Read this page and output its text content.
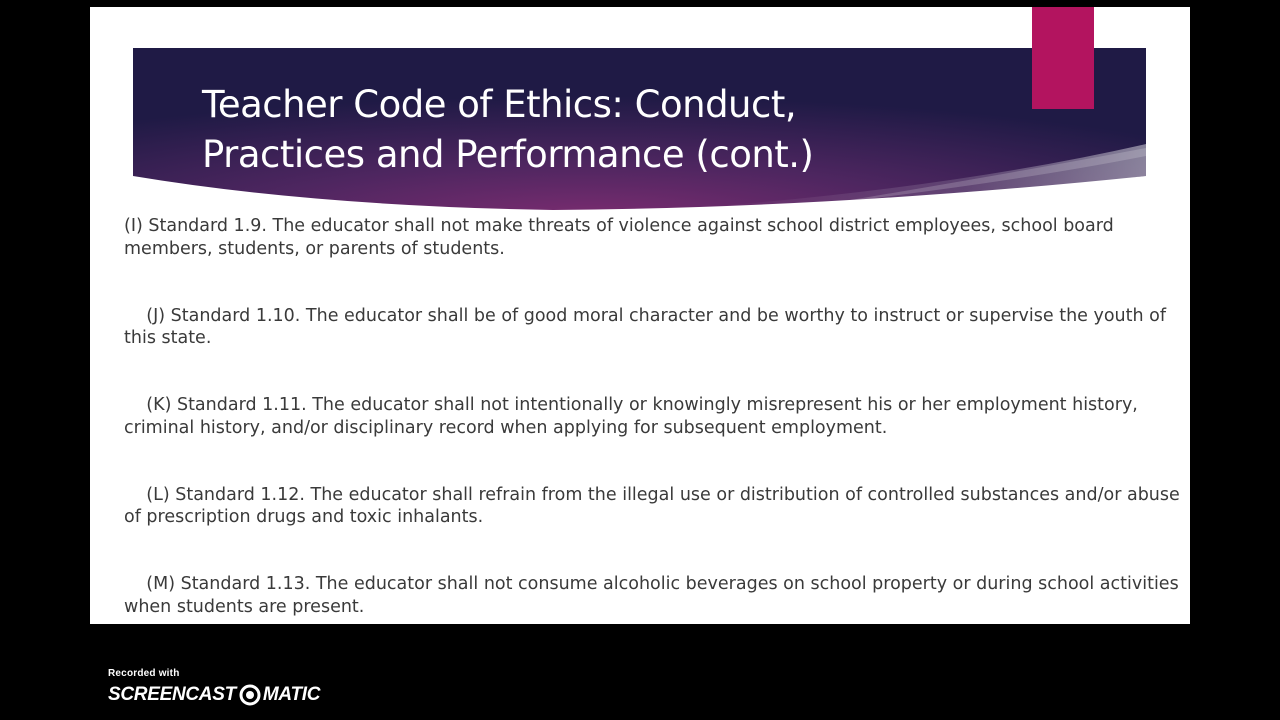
Teacher Code of Ethics: Conduct,
Practices and Performance (cont.)

(I) Standard 1.9. The educator shall not make threats of violence against school district employees, school board members, students, or parents of students.

(J) Standard 1.10. The educator shall be of good moral character and be worthy to instruct or supervise the youth of this state.

(K) Standard 1.11. The educator shall not intentionally or knowingly misrepresent his or her employment history, criminal history, and/or disciplinary record when applying for subsequent employment.

(L) Standard 1.12. The educator shall refrain from the illegal use or distribution of controlled substances and/or abuse of prescription drugs and toxic inhalants.

(M) Standard 1.13. The educator shall not consume alcoholic beverages on school property or during school activities when students are present.

Recorded with
SCREENCAST MATIC
